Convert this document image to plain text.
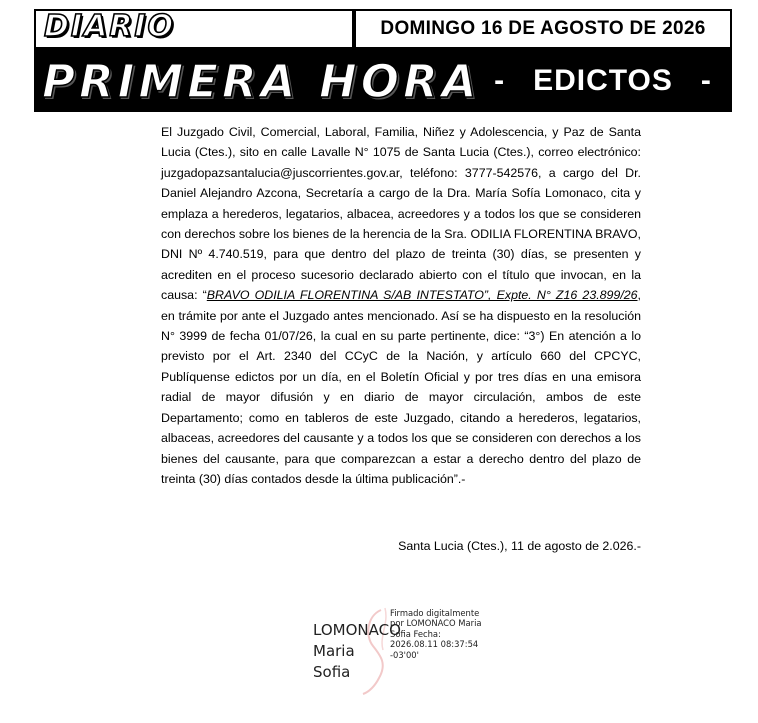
DIARIO	DOMINGO 16 DE AGOSTO DE 2026
PRIMERA HORA - EDICTOS -

El Juzgado Civil, Comercial, Laboral, Familia, Niñez y Adolescencia, y Paz de Santa Lucia (Ctes.), sito en calle Lavalle N° 1075 de Santa Lucia (Ctes.), correo electrónico: juzgadopazsantalucia@juscorrientes.gov.ar, teléfono: 3777-542576, a cargo del Dr. Daniel Alejandro Azcona, Secretaría a cargo de la Dra. María Sofía Lomonaco, cita y emplaza a herederos, legatarios, albacea, acreedores y a todos los que se consideren con derechos sobre los bienes de la herencia de la Sra. ODILIA FLORENTINA BRAVO, DNI Nº 4.740.519, para que dentro del plazo de treinta (30) días, se presenten y acrediten en el proceso sucesorio declarado abierto con el título que invocan, en la causa: “BRAVO ODILIA FLORENTINA S/AB INTESTATO”, Expte. N° Z16 23.899/26, en trámite por ante el Juzgado antes mencionado. Así se ha dispuesto en la resolución N° 3999 de fecha 01/07/26, la cual en su parte pertinente, dice: “3°) En atención a lo previsto por el Art. 2340 del CCyC de la Nación, y artículo 660 del CPCYC, Publíquense edictos por un día, en el Boletín Oficial y por tres días en una emisora radial de mayor difusión y en diario de mayor circulación, ambos de este Departamento; como en tableros de este Juzgado, citando a herederos, legatarios, albaceas, acreedores del causante y a todos los que se consideren con derechos a los bienes del causante, para que comparezcan a estar a derecho dentro del plazo de treinta (30) días contados desde la última publicación”.-

Santa Lucia (Ctes.), 11 de agosto de 2.026.-
LOMONACO Maria Sofia
Firmado digitalmente por LOMONACO Maria Sofia Fecha: 2026.08.11 08:37:54 -03'00'
